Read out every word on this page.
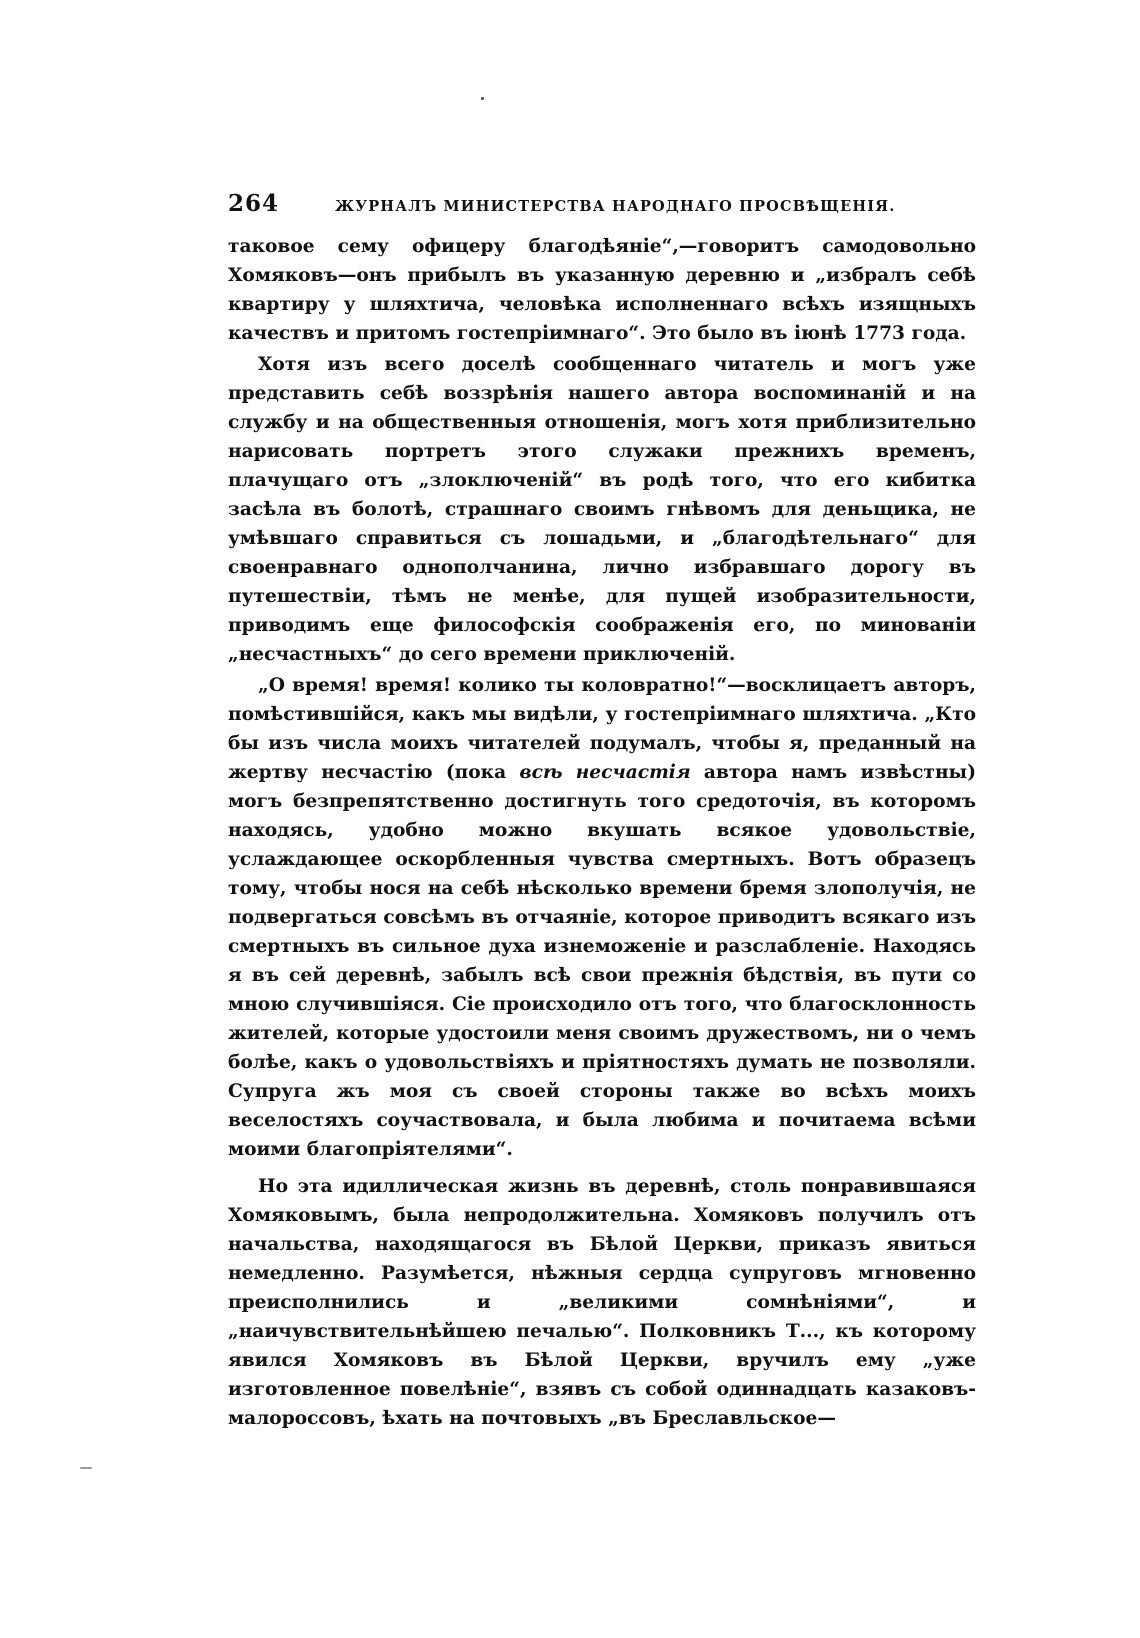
264	ЖУРНАЛЪ МИНИСТЕРСТВА НАРОДНАГО ПРОСВѢЩЕНІЯ.

таковое сему офицеру благодѣяніе“,—говоритъ самодовольно Хомяковъ—онъ прибылъ въ указанную деревню и „избралъ себѣ квартиру у шляхтича, человѣка исполненнаго всѣхъ изящныхъ качествъ и притомъ гостепріимнаго“. Это было въ іюнѣ 1773 года.

Хотя изъ всего доселѣ сообщеннаго читатель и могъ уже представить себѣ воззрѣнія нашего автора воспоминаній и на службу и на общественныя отношенія, могъ хотя приблизительно нарисовать портретъ этого служаки прежнихъ временъ, плачущаго отъ „злоключеній“ въ родѣ того, что его кибитка засѣла въ болотѣ, страшнаго своимъ гнѣвомъ для деньщика, не умѣвшаго справиться съ лошадьми, и „благодѣтельнаго“ для своенравнаго однополчанина, лично избравшаго дорогу въ путешествіи, тѣмъ не менѣе, для пущей изобразительности, приводимъ еще философскія соображенія его, по минованіи „несчастныхъ“ до сего времени приключеній.

„О время! время! колико ты коловратно!“—восклицаетъ авторъ, помѣстившійся, какъ мы видѣли, у гостепріимнаго шляхтича. „Кто бы изъ числа моихъ читателей подумалъ, чтобы я, преданный на жертву несчастію (пока всѣ несчастія автора намъ извѣстны) могъ безпрепятственно достигнуть того средоточія, въ которомъ находясь, удобно можно вкушать всякое удовольствіе, услаждающее оскорбленныя чувства смертныхъ. Вотъ образецъ тому, чтобы нося на себѣ нѣсколько времени бремя злополучія, не подвергаться совсѣмъ въ отчаяніе, которое приводитъ всякаго изъ смертныхъ въ сильное духа изнеможеніе и разслабленіе. Находясь я въ сей деревнѣ, забылъ всѣ свои прежнія бѣдствія, въ пути со мною случившіяся. Сіе происходило отъ того, что благосклонность жителей, которые удостоили меня своимъ дружествомъ, ни о чемъ болѣе, какъ о удовольствіяхъ и пріятностяхъ думать не позволяли. Супруга жъ моя съ своей стороны также во всѣхъ моихъ веселостяхъ соучаствовала, и была любима и почитаема всѣми моими благопріятелями“.

Но эта идиллическая жизнь въ деревнѣ, столь понравившаяся Хомяковымъ, была непродолжительна. Хомяковъ получилъ отъ начальства, находящагося въ Бѣлой Церкви, приказъ явиться немедленно. Разумѣется, нѣжныя сердца супруговъ мгновенно преисполнились и „великими сомнѣніями“, и „наичувствительнѣйшею печалью“. Полковникъ Т..., къ которому явился Хомяковъ въ Бѣлой Церкви, вручилъ ему „уже изготовленное повелѣніе“, взявъ съ собой одиннадцать казаковъ-малороссовъ, ѣхать на почтовыхъ „въ Бреславльское—
